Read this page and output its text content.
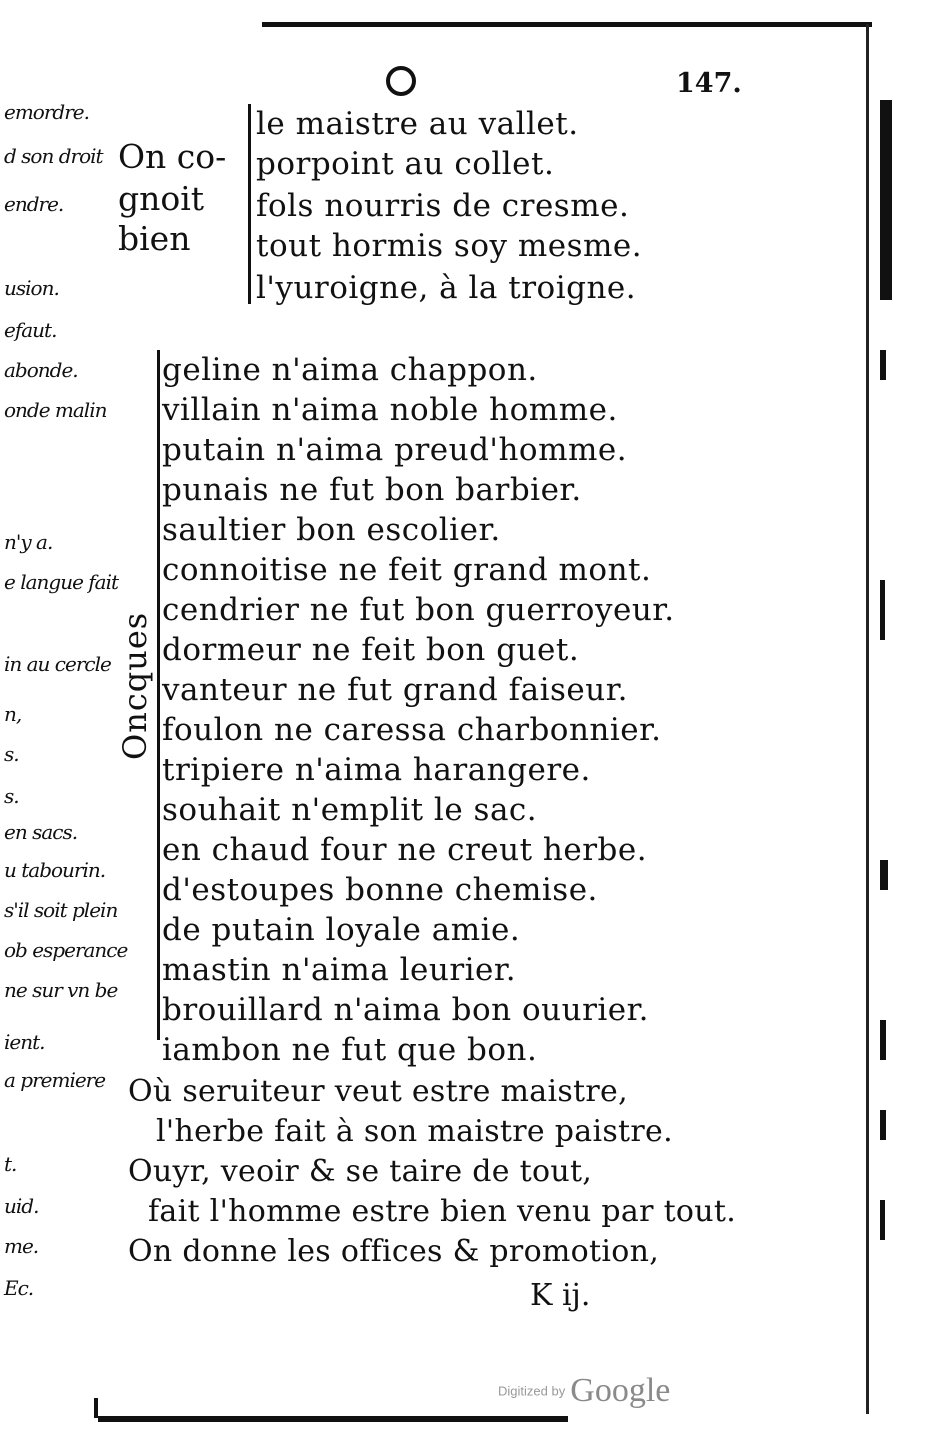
147.
emordre.
d son droit
endre.
usion.
efaut.
abonde.
onde malin
n'y a.
e langue fait
in au cercle
n,
s.
s.
en sacs.
u tabourin.
s'il soit plein
ob esperance
ne sur vn be
ient.
a premiere
t.
uid.
me.
Ec.
On co-
gnoit
bien
le maistre au vallet.
porpoint au collet.
fols nourris de cresme.
tout hormis soy mesme.
l'yuroigne, à la troigne.
Oncques
geline n'aima chappon.
villain n'aima noble homme.
putain n'aima preud'homme.
punais ne fut bon barbier.
saultier bon escolier.
connoitise ne feit grand mont.
cendrier ne fut bon guerroyeur.
dormeur ne feit bon guet.
vanteur ne fut grand faiseur.
foulon ne caressa charbonnier.
tripiere n'aima harangere.
souhait n'emplit le sac.
en chaud four ne creut herbe.
d'estoupes bonne chemise.
de putain loyale amie.
mastin n'aima leurier.
brouillard n'aima bon ouurier.
iambon ne fut que bon.
Où seruiteur veut estre maistre,
l'herbe fait à son maistre paistre.
Ouyr, veoir & se taire de tout,
fait l'homme estre bien venu par tout.
On donne les offices & promotion,
K ij.
Digitized by Google
